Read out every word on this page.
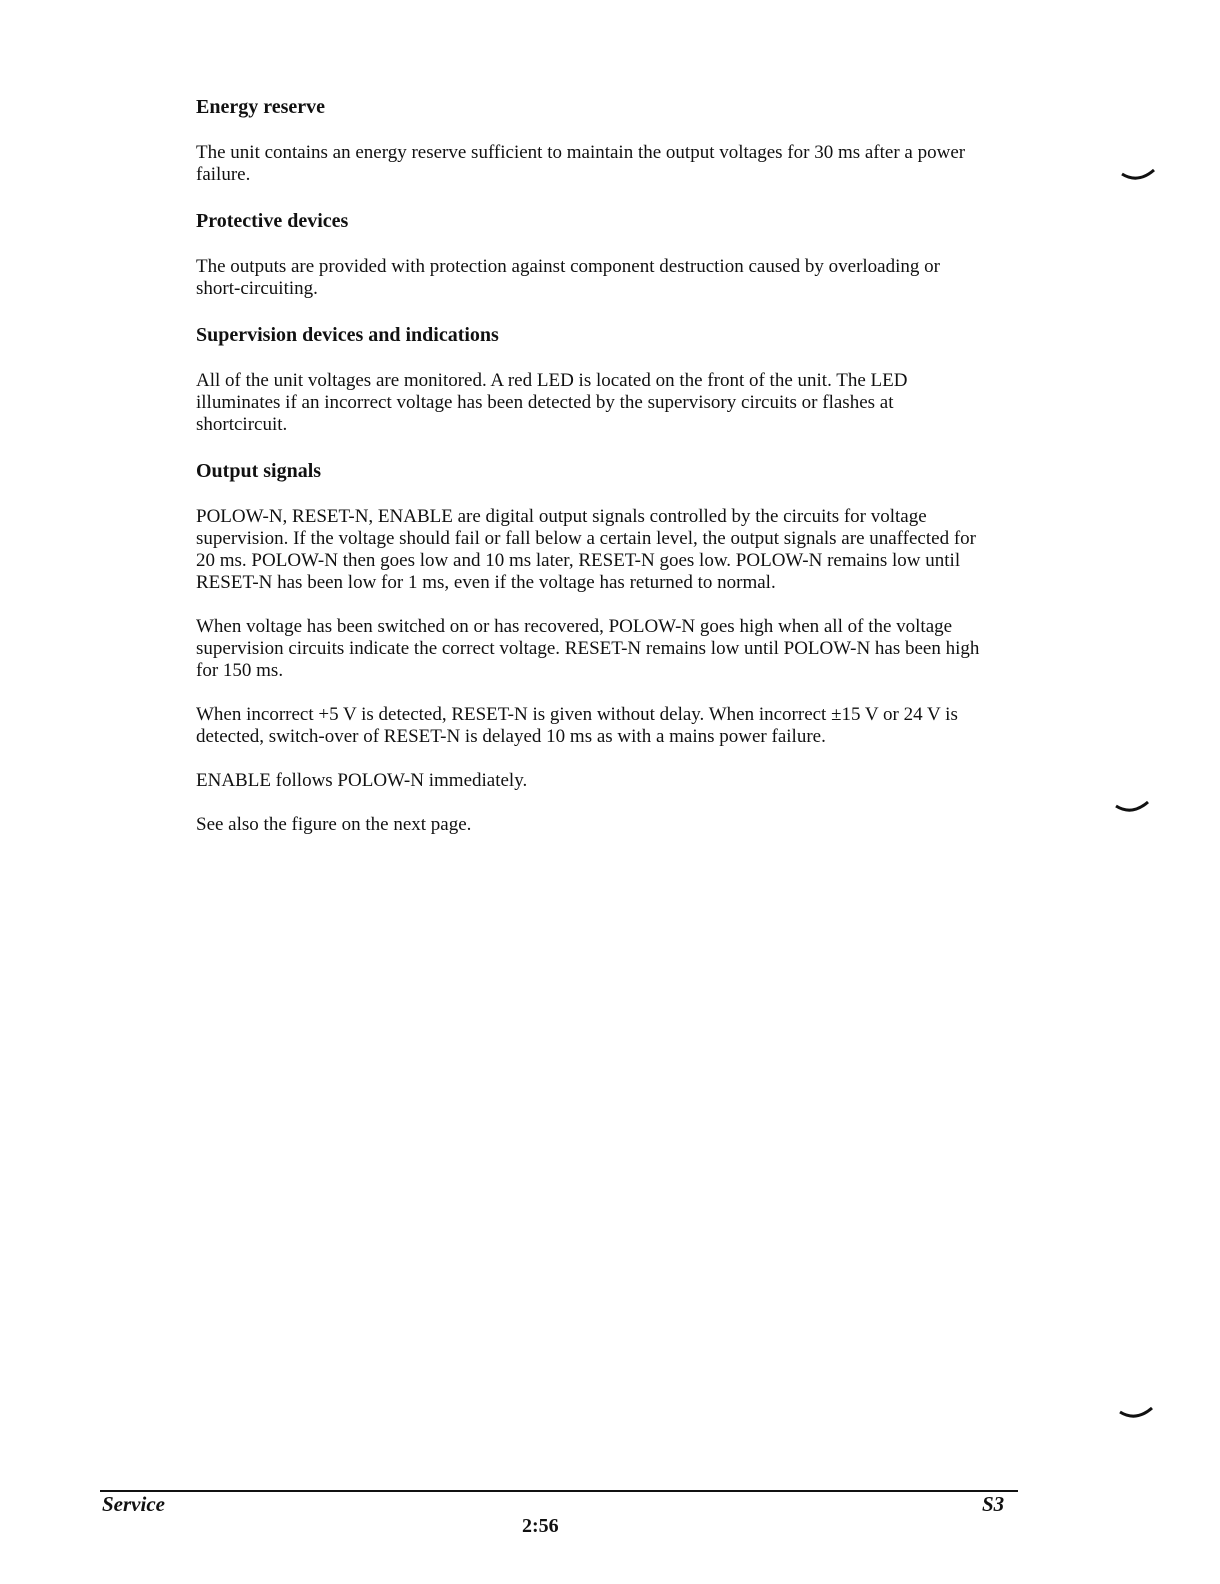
Energy reserve

The unit contains an energy reserve sufficient to maintain the output voltages for 30 ms after a power failure.

Protective devices

The outputs are provided with protection against component destruction caused by overloading or short-circuiting.

Supervision devices and indications

All of the unit voltages are monitored. A red LED is located on the front of the unit. The LED illuminates if an incorrect voltage has been detected by the supervisory circuits or flashes at shortcircuit.

Output signals

POLOW-N, RESET-N, ENABLE are digital output signals controlled by the circuits for voltage supervision. If the voltage should fail or fall below a certain level, the output signals are unaffected for 20 ms. POLOW-N then goes low and 10 ms later, RESET-N goes low. POLOW-N remains low until RESET-N has been low for 1 ms, even if the voltage has returned to normal.

When voltage has been switched on or has recovered, POLOW-N goes high when all of the voltage supervision circuits indicate the correct voltage. RESET-N remains low until POLOW-N has been high for 150 ms.

When incorrect +5 V is detected, RESET-N is given without delay. When incorrect ±15 V or 24 V is detected, switch-over of RESET-N is delayed 10 ms as with a mains power failure.

ENABLE follows POLOW-N immediately.

See also the figure on the next page.

Service	S3
2:56
